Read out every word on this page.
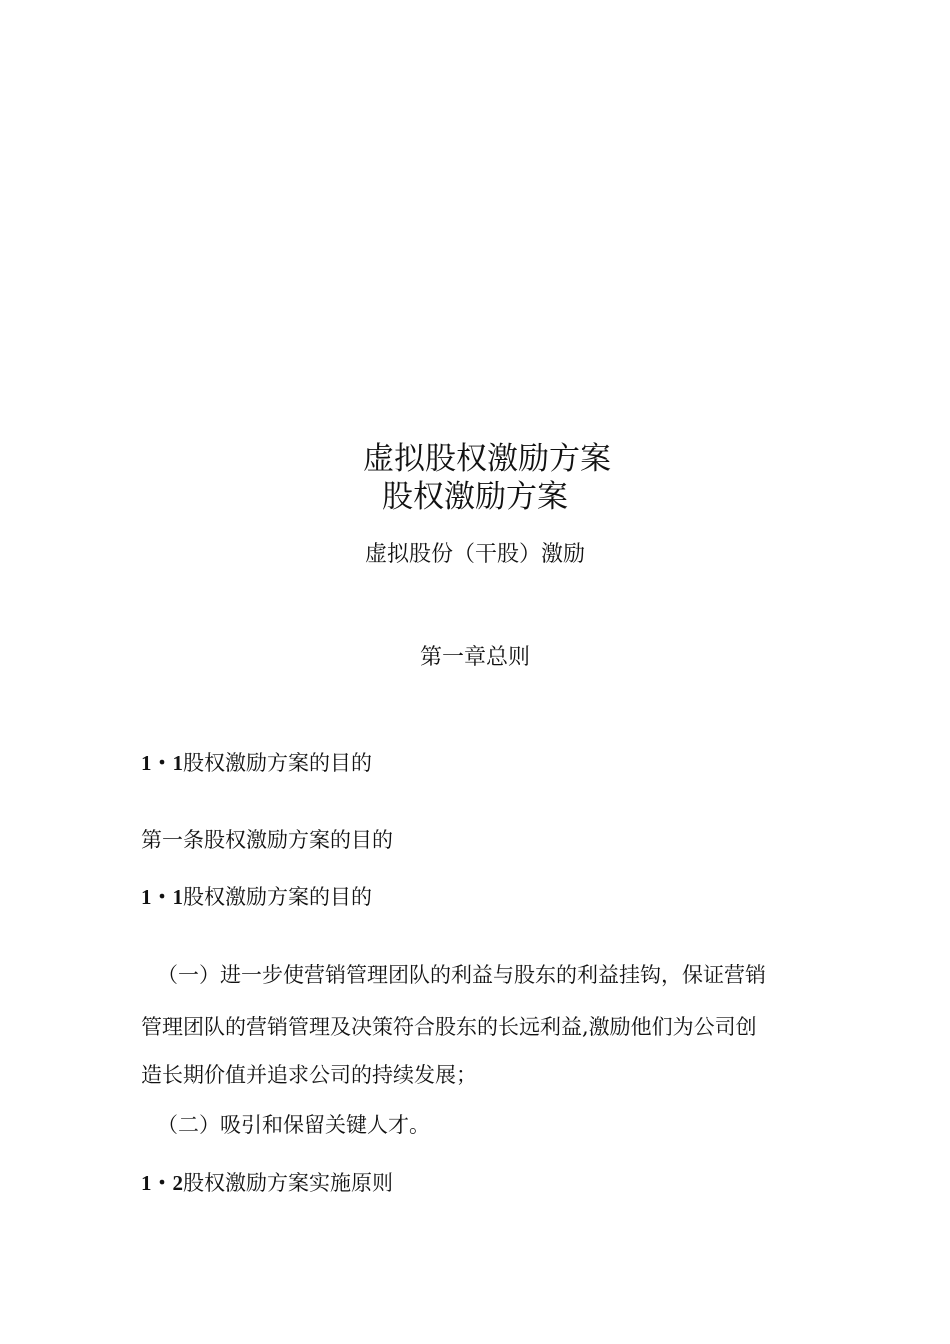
虚拟股权激励方案
股权激励方案
虚拟股份（干股）激励
第一章总则
1・1股权激励方案的目的
第一条股权激励方案的目的
1・1股权激励方案的目的
（一）进一步使营销管理团队的利益与股东的利益挂钩，保证营销
管理团队的营销管理及决策符合股东的长远利益,激励他们为公司创
造长期价值并追求公司的持续发展；
（二）吸引和保留关键人才。
1・2股权激励方案实施原则
